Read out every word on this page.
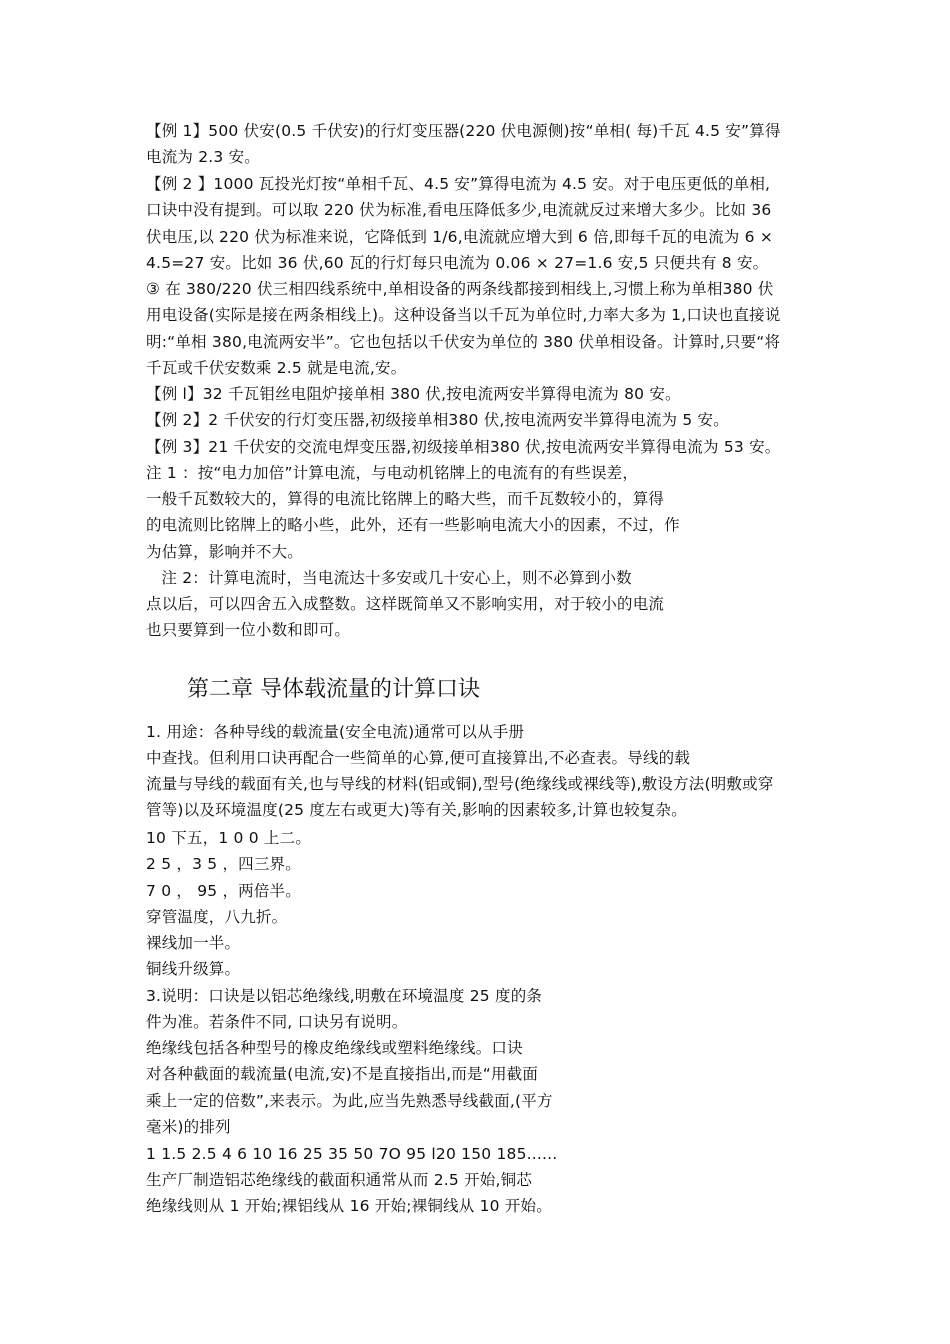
【例 1】500 伏安(0.5 千伏安)的行灯变压器(220 伏电源侧)按“单相( 每)千瓦 4.5 安”算得
电流为 2.3 安。
【例 2 】1000 瓦投光灯按“单相千瓦、4.5 安”算得电流为 4.5 安。对于电压更低的单相,
口诀中没有提到。可以取 220 伏为标准,看电压降低多少,电流就反过来增大多少。比如 36
伏电压,以 220 伏为标准来说，它降低到 1/6,电流就应增大到 6 倍,即每千瓦的电流为 6 ×
4.5=27 安。比如 36 伏,60 瓦的行灯每只电流为 0.06 × 27=1.6 安,5 只便共有 8 安。
③ 在 380/220 伏三相四线系统中,单相设备的两条线都接到相线上,习惯上称为单相380 伏
用电设备(实际是接在两条相线上)。这种设备当以千瓦为单位时,力率大多为 1,口诀也直接说
明:“单相 380,电流两安半”。它也包括以千伏安为单位的 380 伏单相设备。计算时,只要“将
千瓦或千伏安数乘 2.5 就是电流,安。
【例 l】32 千瓦钼丝电阻炉接单相 380 伏,按电流两安半算得电流为 80 安。
【例 2】2 千伏安的行灯变压器,初级接单相380 伏,按电流两安半算得电流为 5 安。
【例 3】21 千伏安的交流电焊变压器,初级接单相380 伏,按电流两安半算得电流为 53 安。
注 1 ：按“电力加倍”计算电流，与电动机铭牌上的电流有的有些误差，
一般千瓦数较大的，算得的电流比铭牌上的略大些，而千瓦数较小的，算得
的电流则比铭牌上的略小些，此外，还有一些影响电流大小的因素，不过，作
为估算，影响并不大。
注 2：计算电流时，当电流达十多安或几十安心上，则不必算到小数
点以后，可以四舍五入成整数。这样既简单又不影响实用，对于较小的电流
也只要算到一位小数和即可。
第二章 导体载流量的计算口诀
1. 用途：各种导线的载流量(安全电流)通常可以从手册
中查找。但利用口诀再配合一些简单的心算,便可直接算出,不必查表。导线的载
流量与导线的载面有关,也与导线的材料(铝或铜),型号(绝缘线或裸线等),敷设方法(明敷或穿
管等)以及环境温度(25 度左右或更大)等有关,影响的因素较多,计算也较复杂。
10 下五，1 0 0 上二。
2 5 ，3 5 ，四三界。
7 0 ， 95 ，两倍半。
穿管温度，八九折。
裸线加一半。
铜线升级算。
3.说明：口诀是以铝芯绝缘线,明敷在环境温度 25 度的条
件为准。若条件不同, 口诀另有说明。
绝缘线包括各种型号的橡皮绝缘线或塑料绝缘线。口诀
对各种截面的载流量(电流,安)不是直接指出,而是“用截面
乘上一定的倍数”,来表示。为此,应当先熟悉导线截面,(平方
毫米)的排列
1 1.5 2.5 4 6 10 16 25 35 50 7O 95 l20 150 185......
生产厂制造铝芯绝缘线的截面积通常从而 2.5 开始,铜芯
绝缘线则从 1 开始;裸铝线从 16 开始;裸铜线从 10 开始。
